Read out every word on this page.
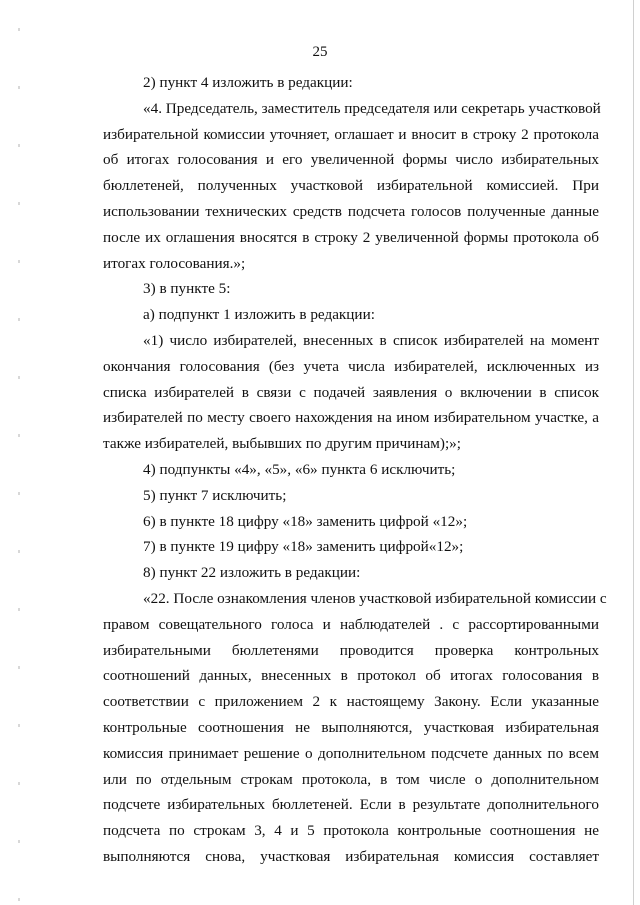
25

2) пункт 4 изложить в редакции:

«4. Председатель, заместитель председателя или секретарь участковой
избирательной комиссии уточняет, оглашает и вносит в строку 2 протокола
об итогах голосования и его увеличенной формы число избирательных
бюллетеней, полученных участковой избирательной комиссией. При
использовании технических средств подсчета голосов полученные данные
после их оглашения вносятся в строку 2 увеличенной формы протокола об
итогах голосования.»;

3) в пункте 5:

а) подпункт 1 изложить в редакции:

«1) число избирателей, внесенных в список избирателей на момент
окончания голосования (без учета числа избирателей, исключенных из
списка избирателей в связи с подачей заявления о включении в список
избирателей по месту своего нахождения на ином избирательном участке, а
также избирателей, выбывших по другим причинам);»;

4) подпункты «4», «5», «6» пункта 6 исключить;

5) пункт 7 исключить;

6) в пункте 18 цифру «18» заменить цифрой «12»;

7) в пункте 19 цифру «18» заменить цифрой«12»;

8) пункт 22 изложить в редакции:

«22. После ознакомления членов участковой избирательной комиссии с
правом совещательного голоса и наблюдателей . с рассортированными
избирательными бюллетенями проводится проверка контрольных
соотношений данных, внесенных в протокол об итогах голосования в
соответствии с приложением 2 к настоящему Закону. Если указанные
контрольные соотношения не выполняются, участковая избирательная
комиссия принимает решение о дополнительном подсчете данных по всем
или по отдельным строкам протокола, в том числе о дополнительном
подсчете избирательных бюллетеней. Если в результате дополнительного
подсчета по строкам 3, 4 и 5 протокола контрольные соотношения не
выполняются снова, участковая избирательная комиссия составляет
